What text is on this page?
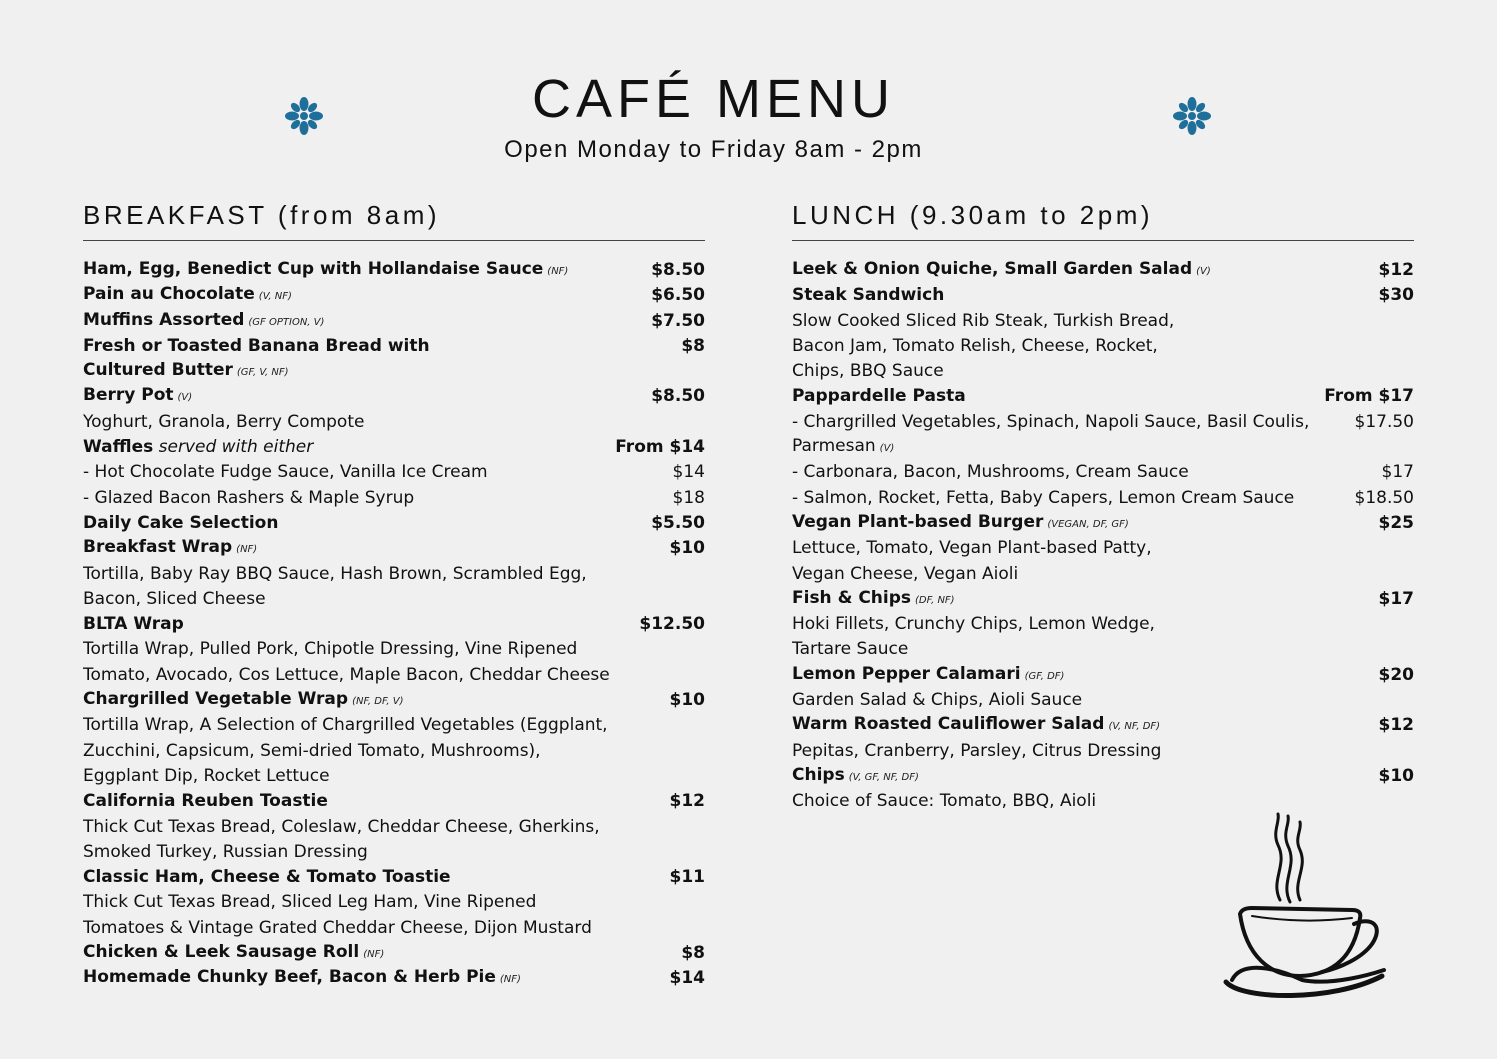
CAFÉ MENU
Open Monday to Friday 8am - 2pm
BREAKFAST (from 8am)
Ham, Egg, Benedict Cup with Hollandaise Sauce (NF)	$8.50
Pain au Chocolate (V, NF)	$6.50
Muffins Assorted (GF OPTION, V)	$7.50
Fresh or Toasted Banana Bread with	$8
Cultured Butter (GF, V, NF)
Berry Pot (V)	$8.50
Yoghurt, Granola, Berry Compote
Waffles served with either	From $14
- Hot Chocolate Fudge Sauce, Vanilla Ice Cream	$14
- Glazed Bacon Rashers & Maple Syrup	$18
Daily Cake Selection	$5.50
Breakfast Wrap (NF)	$10
Tortilla, Baby Ray BBQ Sauce, Hash Brown, Scrambled Egg,
Bacon, Sliced Cheese
BLTA Wrap	$12.50
Tortilla Wrap, Pulled Pork, Chipotle Dressing, Vine Ripened
Tomato, Avocado, Cos Lettuce, Maple Bacon, Cheddar Cheese
Chargrilled Vegetable Wrap (NF, DF, V)	$10
Tortilla Wrap, A Selection of Chargrilled Vegetables (Eggplant,
Zucchini, Capsicum, Semi-dried Tomato, Mushrooms),
Eggplant Dip, Rocket Lettuce
California Reuben Toastie	$12
Thick Cut Texas Bread, Coleslaw, Cheddar Cheese, Gherkins,
Smoked Turkey, Russian Dressing
Classic Ham, Cheese & Tomato Toastie	$11
Thick Cut Texas Bread, Sliced Leg Ham, Vine Ripened
Tomatoes & Vintage Grated Cheddar Cheese, Dijon Mustard
Chicken & Leek Sausage Roll (NF)	$8
Homemade Chunky Beef, Bacon & Herb Pie (NF)	$14
LUNCH (9.30am to 2pm)
Leek & Onion Quiche, Small Garden Salad (V)	$12
Steak Sandwich	$30
Slow Cooked Sliced Rib Steak, Turkish Bread,
Bacon Jam, Tomato Relish, Cheese, Rocket,
Chips, BBQ Sauce
Pappardelle Pasta	From $17
- Chargrilled Vegetables, Spinach, Napoli Sauce, Basil Coulis,	$17.50
Parmesan (V)
- Carbonara, Bacon, Mushrooms, Cream Sauce	$17
- Salmon, Rocket, Fetta, Baby Capers, Lemon Cream Sauce	$18.50
Vegan Plant-based Burger (VEGAN, DF, GF)	$25
Lettuce, Tomato, Vegan Plant-based Patty,
Vegan Cheese, Vegan Aioli
Fish & Chips (DF, NF)	$17
Hoki Fillets, Crunchy Chips, Lemon Wedge,
Tartare Sauce
Lemon Pepper Calamari (GF, DF)	$20
Garden Salad & Chips, Aioli Sauce
Warm Roasted Cauliflower Salad (V, NF, DF)	$12
Pepitas, Cranberry, Parsley, Citrus Dressing
Chips (V, GF, NF, DF)	$10
Choice of Sauce: Tomato, BBQ, Aioli
